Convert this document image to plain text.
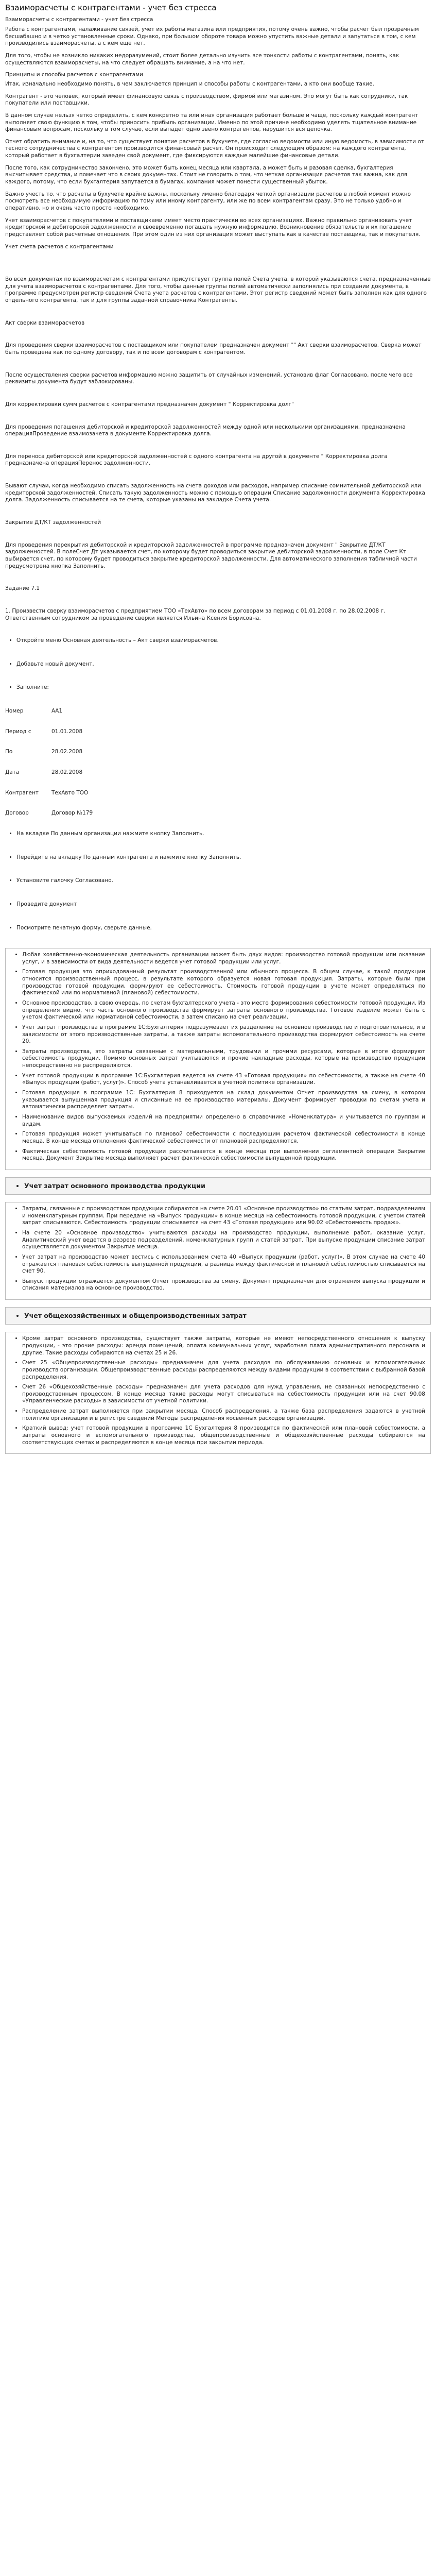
Взаиморасчеты с контрагентами - учет без стресса

Взаиморасчеты с контрагентами - учет без стресса

Работа с контрагентами, налаживание связей, учет их работы магазина или предприятия, потому очень важно, чтобы расчет был прозрачным бесшабашно и в четко установленные сроки. Однако, при большом обороте товара можно упустить важные детали и запутаться в том, с кем производились взаиморасчеты, а с кем еще нет.

Для того, чтобы не возникло никаких недоразумений, стоит более детально изучить все тонкости работы с контрагентами, понять, как осуществляются взаиморасчеты, на что следует обращать внимание, а на что нет.

Принципы и способы расчетов с контрагентами

Итак, изначально необходимо понять, в чем заключается принцип и способы работы с контрагентами, а кто они вообще такие.

Контрагент - это человек, который имеет финансовую связь с производством, фирмой или магазином. Это могут быть как сотрудники, так покупатели или поставщики.

В данном случае нельзя четко определить, с кем конкретно та или иная организация работает больше и чаще, поскольку каждый контрагент выполняет свою функцию в том, чтобы приносить прибыль организации. Именно по этой причине необходимо уделять тщательное внимание финансовым вопросам, поскольку в том случае, если выпадет одно звено контрагентов, нарушится вся цепочка.

Отчет обратить внимание и, на то, что существует понятие расчетов в бухучете, где согласно ведомости или иную ведомость, в зависимости от тесного сотрудничества с контрагентом производится финансовый расчет. Он происходит следующим образом: на каждого контрагента, который работает в бухгалтерии заведен свой документ, где фиксируются каждые малейшие финансовые детали.

После того, как сотрудничество закончено, это может быть конец месяца или квартала, а может быть и разовая сделка, бухгалтерия высчитывает средства, и помечает что в своих документах. Стоит не говорить о том, что четкая организация расчетов так важна, как для каждого, потому, что если бухгалтерия запутается в бумагах, компания может понести существенный убыток.

Важно учесть то, что расчеты в бухучете крайне важны, поскольку именно благодаря четкой организации расчетов в любой момент можно посмотреть все необходимую информацию по тому или иному контрагенту, или же по всем контрагентам сразу. Это не только удобно и оперативно, но и очень часто просто необходимо.

Учет взаиморасчетов с покупателями и поставщиками имеет место практически во всех организациях. Важно правильно организовать учет кредиторской и дебиторской задолженности и своевременно погашать нужную информацию. Возникновение обязательств и их погашение представляет собой расчетные отношения. При этом один из них организация может выступать как в качестве поставщика, так и покупателя.

Учет счета расчетов с контрагентами

Во всех документах по взаиморасчетам с контрагентами присутствует группа полей Счета учета, в которой указываются счета, предназначенные для учета взаиморасчетов с контрагентами. Для того, чтобы данные группы полей автоматически заполнялись при создании документа, в программе предусмотрен регистр сведений Счета учета расчетов с контрагентами. Этот регистр сведений может быть заполнен как для одного отдельного контрагента, так и для группы заданной справочника Контрагенты.

Акт сверки взаиморасчетов

Для проведения сверки взаиморасчетов с поставщиком или покупателем предназначен документ "" Акт сверки взаиморасчетов. Сверка может быть проведена как по одному договору, так и по всем договорам с контрагентом.

После осуществления сверки расчетов информацию можно защитить от случайных изменений, установив флаг Согласовано, после чего все реквизиты документа будут заблокированы.

Для корректировки сумм расчетов с контрагентами предназначен документ " Корректировка долг"

Для проведения погашения дебиторской и кредиторской задолженностей между одной или несколькими организациями, предназначена операцияПроведение взаимозачета в документе Корректировка долга.

Для переноса дебиторской или кредиторской задолженностей с одного контрагента на другой в документе " Корректировка долга предназначена операцияПеренос задолженности.

Бывают случаи, когда необходимо списать задолженность на счета доходов или расходов, например списание сомнительной дебиторской или кредиторской задолженностей. Списать такую задолженность можно с помощью операции Списание задолженности документа Корректировка долга. Задолженность списывается на те счета, которые указаны на закладке Счета учета.

Закрытие ДТ/КТ задолженностей

Для проведения перекрытия дебиторской и кредиторской задолженностей в программе предназначен документ " Закрытие ДТ/КТ задолженностей. В полеСчет Дт указывается счет, по которому будет проводиться закрытие дебиторской задолженности, в поле Счет Кт выбирается счет, по которому будет проводиться закрытие кредиторской задолженности. Для автоматического заполнения табличной части предусмотрена кнопка Заполнить.

Задание 7.1

1. Произвести сверку взаиморасчетов с предприятием ТОО «ТехАвто» по всем договорам за период с 01.01.2008 г. по 28.02.2008 г. Ответственным сотрудником за проведение сверки является Ильина Ксения Борисовна.

• Откройте меню Основная деятельность – Акт сверки взаиморасчетов.
• Добавьте новый документ.
• Заполните:
Номер	АА1
Период с	01.01.2008
По	28.02.2008
Дата	28.02.2008
Контрагент	ТехАвто ТОО
Договор	Договор №179
• На вкладке По данным организации нажмите кнопку Заполнить.
• Перейдите на вкладку По данным контрагента и нажмите кнопку Заполнить.
• Установите галочку Согласовано.
• Проведите документ
• Посмотрите печатную форму, сверьте данные.
• Любая хозяйственно-экономическая деятельность организации может быть двух видов: производство готовой продукции или оказание услуг, и в зависимости от вида деятельности ведется учет готовой продукции или услуг.
• Готовая продукция это оприходованный результат производственной или обычного процесса. В общем случае, к такой продукции относится производственный процесс, в результате которого образуется новая готовая продукция. Затраты, которые были при производстве готовой продукции, формируют ее себестоимость. Стоимость готовой продукции в учете может определяться по фактической или по нормативной (плановой) себестоимости.
• Основное производство, в свою очередь, по счетам бухгалтерского учета - это место формирования себестоимости готовой продукции. Из определения видно, что часть основного производства формирует затраты основного производства. Готовое изделие может быть с учетом фактической или нормативной себестоимости, а затем списано на счет реализации.
• Учет затрат производства в программе 1С:Бухгалтерия подразумевает их разделение на основное производство и подготовительное, и в зависимости от этого производственные затраты, а также затраты вспомогательного производства формируют себестоимость на счете 20.
• Затраты производства, это затраты связанные с материальными, трудовыми и прочими ресурсами, которые в итоге формируют себестоимость продукции. Помимо основных затрат учитываются и прочие накладные расходы, которые на производство продукции непосредственно не распределяются.
• Учет готовой продукции в программе 1С:Бухгалтерия ведется на счете 43 «Готовая продукция» по себестоимости, а также на счете 40 «Выпуск продукции (работ, услуг)». Способ учета устанавливается в учетной политике организации.
• Готовая продукция в программе 1С: Бухгалтерия 8 приходуется на склад документом Отчет производства за смену, в котором указывается выпущенная продукция и списанные на ее производство материалы. Документ формирует проводки по счетам учета и автоматически распределяет затраты.
• Наименование видов выпускаемых изделий на предприятии определено в справочнике «Номенклатура» и учитывается по группам и видам.
• Готовая продукция может учитываться по плановой себестоимости с последующим расчетом фактической себестоимости в конце месяца. В конце месяца отклонения фактической себестоимости от плановой распределяются.
• Фактическая себестоимость готовой продукции рассчитывается в конце месяца при выполнении регламентной операции Закрытие месяца. Документ Закрытие месяца выполняет расчет фактической себестоимости выпущенной продукции.
• Учет затрат основного производства продукции
• Затраты, связанные с производством продукции собираются на счете 20.01 «Основное производство» по статьям затрат, подразделениям и номенклатурным группам. При передаче на «Выпуск продукции» в конце месяца на себестоимость готовой продукции, с учетом статей затрат списываются. Себестоимость продукции списывается на счет 43 «Готовая продукция» или 90.02 «Себестоимость продаж».
• На счете 20 «Основное производство» учитываются расходы на производство продукции, выполнение работ, оказание услуг. Аналитический учет ведется в разрезе подразделений, номенклатурных групп и статей затрат. При выпуске продукции списание затрат осуществляется документом Закрытие месяца.
• Учет затрат на производство может вестись с использованием счета 40 «Выпуск продукции (работ, услуг)». В этом случае на счете 40 отражается плановая себестоимость выпущенной продукции, а разница между фактической и плановой себестоимостью списывается на счет 90.
• Выпуск продукции отражается документом Отчет производства за смену. Документ предназначен для отражения выпуска продукции и списания материалов на основное производство.
• Учет общехозяйственных и общепроизводственных затрат
• Кроме затрат основного производства, существует также затраты, которые не имеют непосредственного отношения к выпуску продукции, - это прочие расходы: аренда помещений, оплата коммунальных услуг, заработная плата административного персонала и другие. Такие расходы собираются на счетах 25 и 26.
• Счет 25 «Общепроизводственные расходы» предназначен для учета расходов по обслуживанию основных и вспомогательных производств организации. Общепроизводственные расходы распределяются между видами продукции в соответствии с выбранной базой распределения.
• Счет 26 «Общехозяйственные расходы» предназначен для учета расходов для нужд управления, не связанных непосредственно с производственным процессом. В конце месяца такие расходы могут списываться на себестоимость продукции или на счет 90.08 «Управленческие расходы» в зависимости от учетной политики.
• Распределение затрат выполняется при закрытии месяца. Способ распределения, а также база распределения задаются в учетной политике организации и в регистре сведений Методы распределения косвенных расходов организаций.
• Краткий вывод: учет готовой продукции в программе 1С Бухгалтерия 8 производится по фактической или плановой себестоимости, а затраты основного и вспомогательного производства, общепроизводственные и общехозяйственные расходы собираются на соответствующих счетах и распределяются в конце месяца при закрытии периода.
